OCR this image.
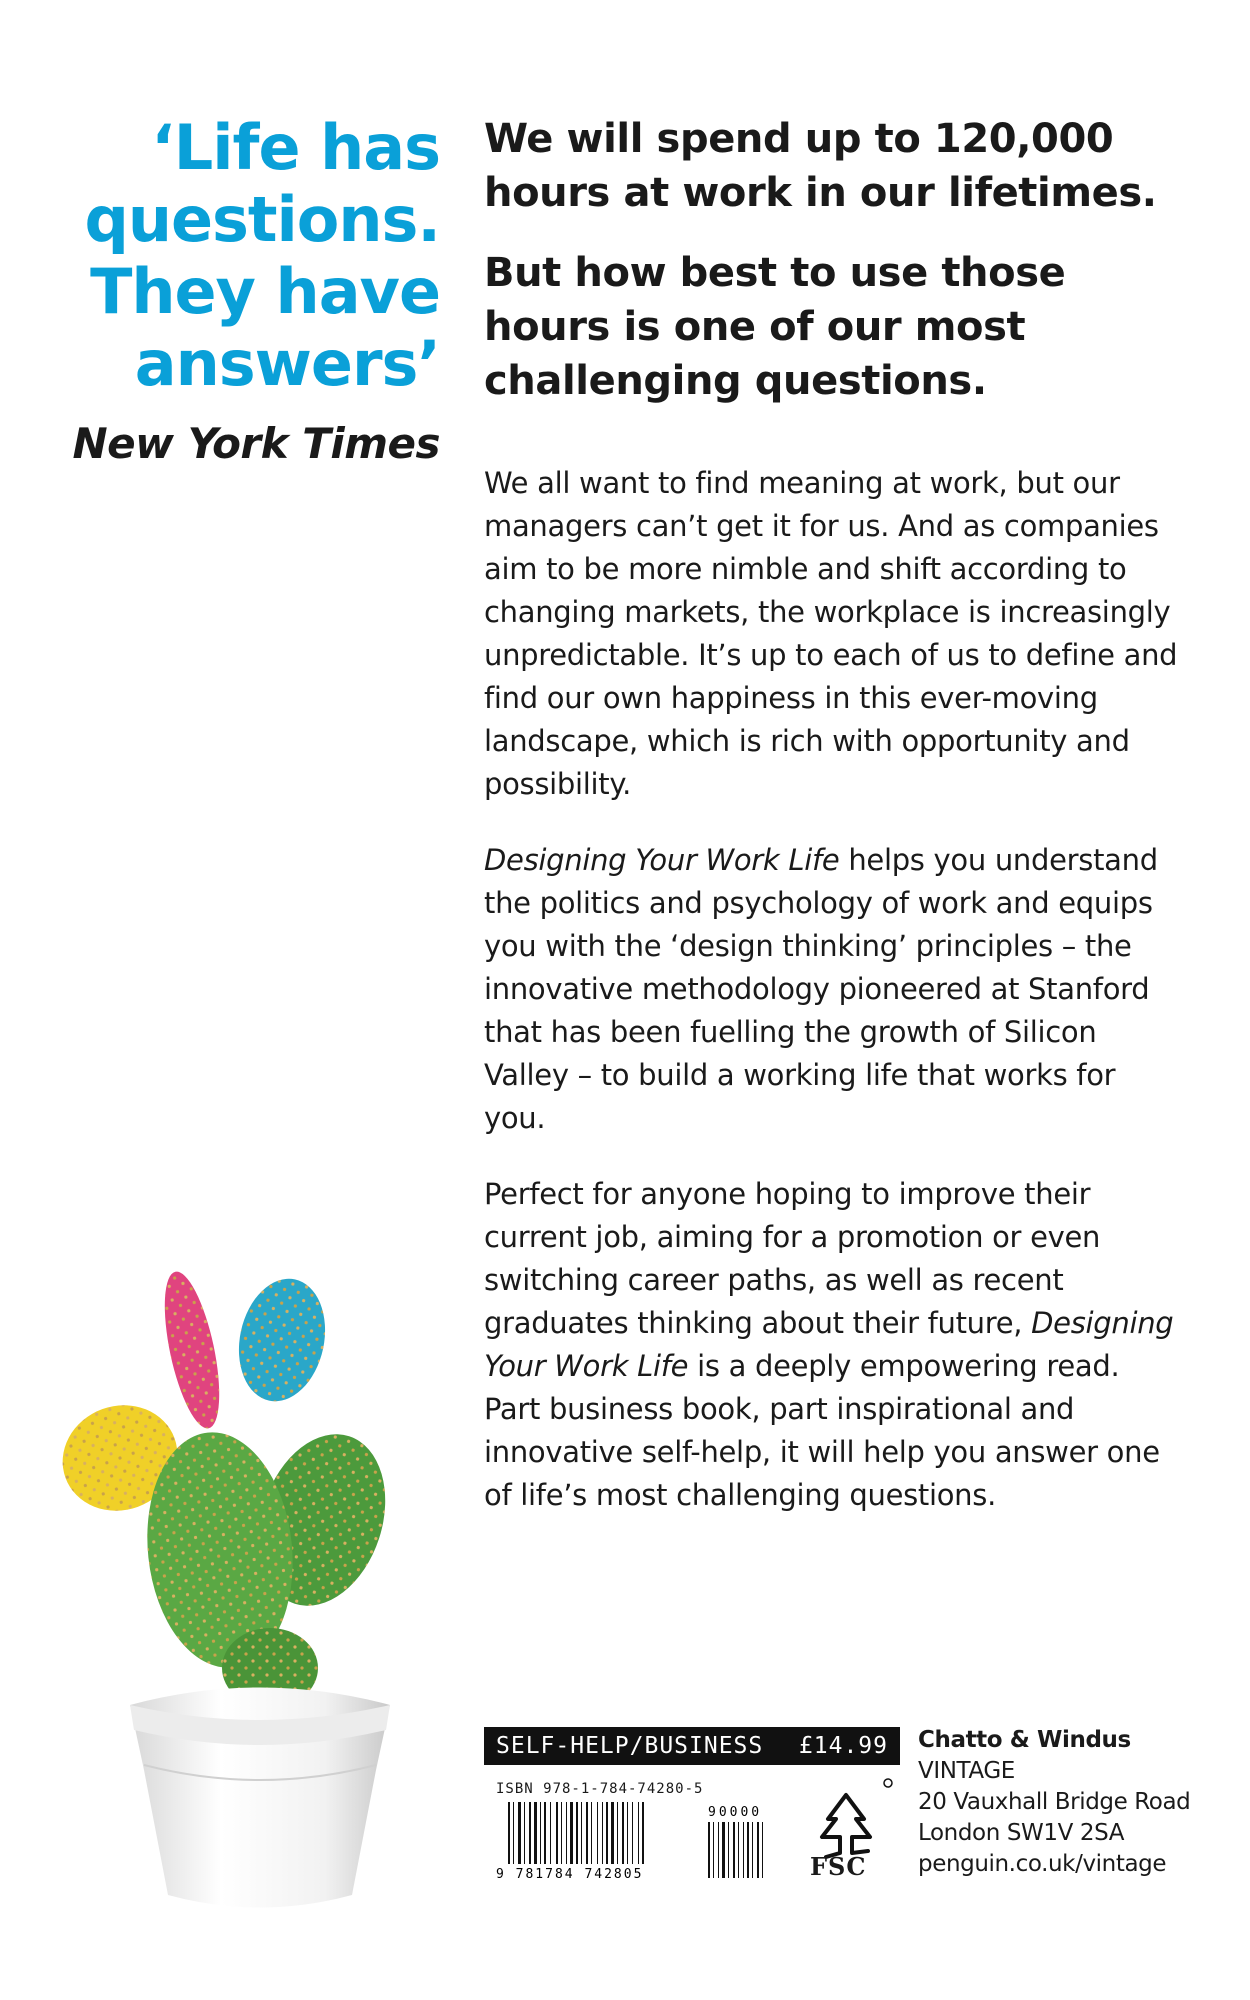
‘Life has
questions.
They have
answers’
New York Times

We will spend up to 120,000 hours at work in our lifetimes.

But how best to use those hours is one of our most challenging questions.

We all want to find meaning at work, but our managers can’t get it for us. And as companies aim to be more nimble and shift according to changing markets, the workplace is increasingly unpredictable. It’s up to each of us to define and find our own happiness in this ever-moving landscape, which is rich with opportunity and possibility.

Designing Your Work Life helps you understand the politics and psychology of work and equips you with the ‘design thinking’ principles – the innovative methodology pioneered at Stanford that has been fuelling the growth of Silicon Valley – to build a working life that works for you.

Perfect for anyone hoping to improve their current job, aiming for a promotion or even switching career paths, as well as recent graduates thinking about their future, Designing Your Work Life is a deeply empowering read. Part business book, part inspirational and innovative self-help, it will help you answer one of life’s most challenging questions.

SELF-HELP/BUSINESS £14.99
ISBN 978-1-784-74280-5
9 781784 742805
90000
FSC
Chatto & Windus
VINTAGE
20 Vauxhall Bridge Road
London SW1V 2SA
penguin.co.uk/vintage
